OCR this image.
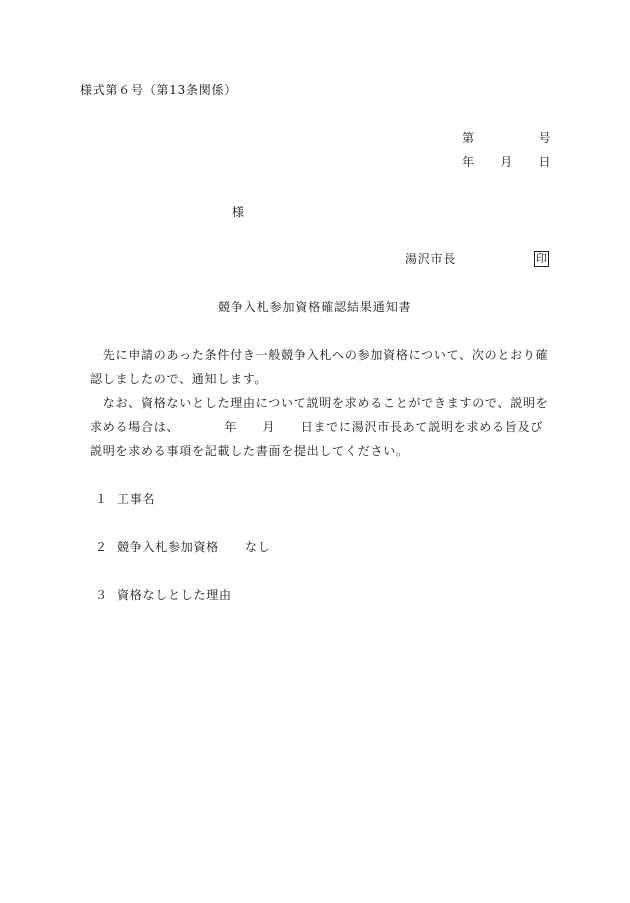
様式第６号（第13条関係）
第　　　　　号
年　　月　　日
様
湯沢市長	印
競争入札参加資格確認結果通知書
　先に申請のあった条件付き一般競争入札への参加資格について、次のとおり確
認しましたので、通知します。
　なお、資格ないとした理由について説明を求めることができますので、説明を
求める場合は、　　　　年　　月　　日までに湯沢市長あて説明を求める旨及び
説明を求める事項を記載した書面を提出してください。
１ 工事名
２ 競争入札参加資格 なし
３ 資格なしとした理由
